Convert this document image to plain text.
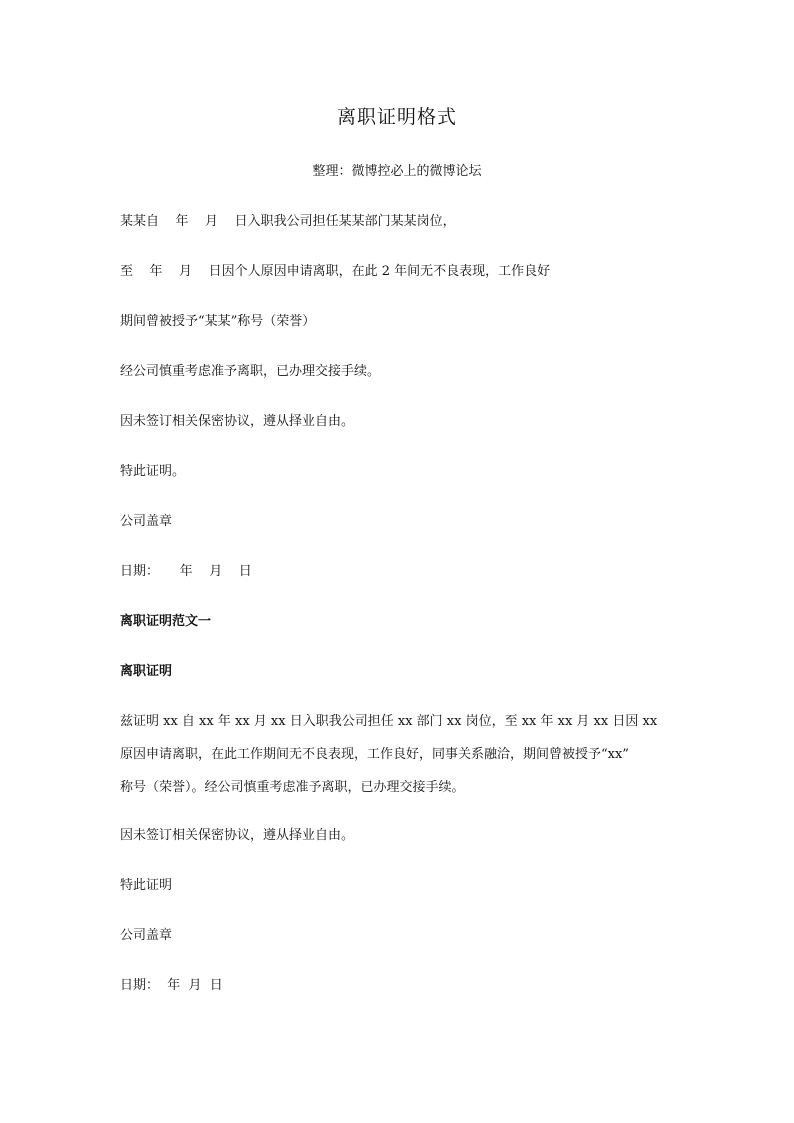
离职证明格式
整理：微博控必上的微博论坛
某某自    年    月    日入职我公司担任某某部门某某岗位，
至    年    月    日因个人原因申请离职，在此 2 年间无不良表现，工作良好
期间曾被授予“某某”称号（荣誉）
经公司慎重考虑准予离职，已办理交接手续。
因未签订相关保密协议，遵从择业自由。
特此证明。
公司盖章
日期：     年    月    日
离职证明范文一
离职证明
兹证明 xx 自 xx 年 xx 月 xx 日入职我公司担任 xx 部门 xx 岗位，至 xx 年 xx 月 xx 日因 xx
原因申请离职，在此工作期间无不良表现，工作良好，同事关系融洽，期间曾被授予“xx”
称号（荣誉）。经公司慎重考虑准予离职，已办理交接手续。
因未签订相关保密协议，遵从择业自由。
特此证明
公司盖章
日期：  年  月  日
